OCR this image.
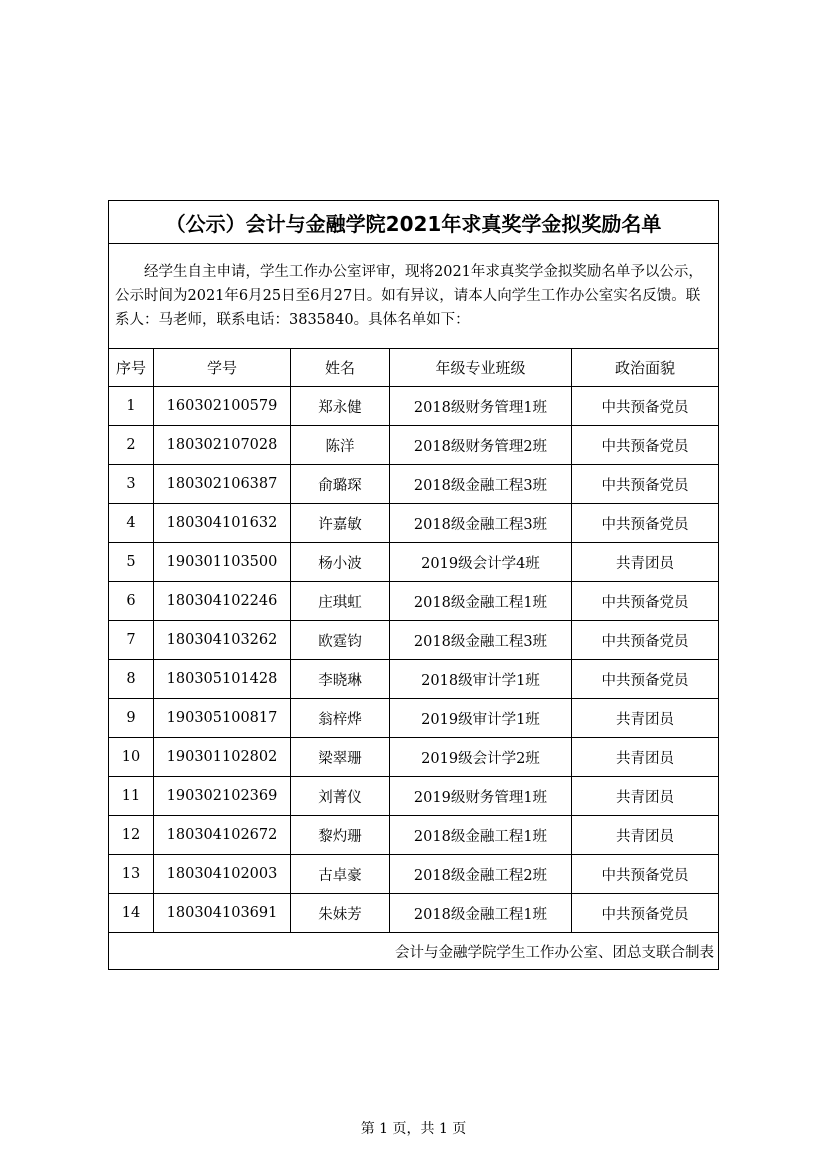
（公示）会计与金融学院2021年求真奖学金拟奖励名单				

经学生自主申请，学生工作办公室评审，现将2021年求真奖学金拟奖励名单予以公示，公示时间为2021年6月25日至6月27日。如有异议，请本人向学生工作办公室实名反馈。联系人：马老师，联系电话：3835840。具体名单如下：				

序号	学号	姓名	年级专业班级	政治面貌
1	160302100579	郑永健	2018级财务管理1班	中共预备党员
2	180302107028	陈洋	2018级财务管理2班	中共预备党员
3	180302106387	俞璐琛	2018级金融工程3班	中共预备党员
4	180304101632	许嘉敏	2018级金融工程3班	中共预备党员
5	190301103500	杨小波	2019级会计学4班	共青团员
6	180304102246	庄琪虹	2018级金融工程1班	中共预备党员
7	180304103262	欧霆钧	2018级金融工程3班	中共预备党员
8	180305101428	李晓琳	2018级审计学1班	中共预备党员
9	190305100817	翁梓烨	2019级审计学1班	共青团员
10	190301102802	梁翠珊	2019级会计学2班	共青团员
11	190302102369	刘菁仪	2019级财务管理1班	共青团员
12	180304102672	黎灼珊	2018级金融工程1班	共青团员
13	180304102003	古卓豪	2018级金融工程2班	中共预备党员
14	180304103691	朱妹芳	2018级金融工程1班	中共预备党员
会计与金融学院学生工作办公室、团总支联合制表				
第 1 页，共 1 页
